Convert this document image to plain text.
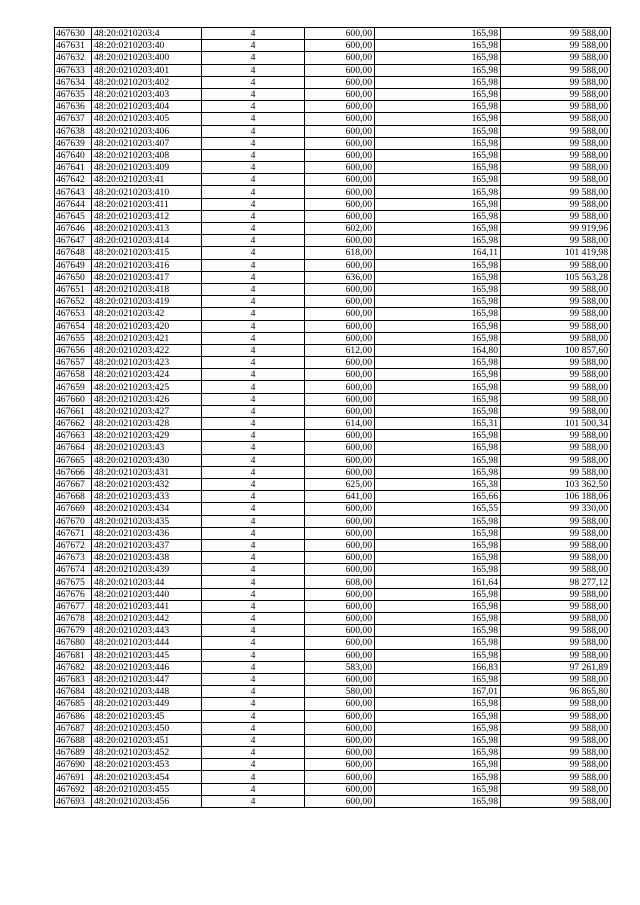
467630	48:20:0210203:4	4	600,00	165,98	99 588,00
467631	48:20:0210203:40	4	600,00	165,98	99 588,00
467632	48:20:0210203:400	4	600,00	165,98	99 588,00
467633	48:20:0210203:401	4	600,00	165,98	99 588,00
467634	48:20:0210203:402	4	600,00	165,98	99 588,00
467635	48:20:0210203:403	4	600,00	165,98	99 588,00
467636	48:20:0210203:404	4	600,00	165,98	99 588,00
467637	48:20:0210203:405	4	600,00	165,98	99 588,00
467638	48:20:0210203:406	4	600,00	165,98	99 588,00
467639	48:20:0210203:407	4	600,00	165,98	99 588,00
467640	48:20:0210203:408	4	600,00	165,98	99 588,00
467641	48:20:0210203:409	4	600,00	165,98	99 588,00
467642	48:20:0210203:41	4	600,00	165,98	99 588,00
467643	48:20:0210203:410	4	600,00	165,98	99 588,00
467644	48:20:0210203:411	4	600,00	165,98	99 588,00
467645	48:20:0210203:412	4	600,00	165,98	99 588,00
467646	48:20:0210203:413	4	602,00	165,98	99 919,96
467647	48:20:0210203:414	4	600,00	165,98	99 588,00
467648	48:20:0210203:415	4	618,00	164,11	101 419,98
467649	48:20:0210203:416	4	600,00	165,98	99 588,00
467650	48:20:0210203:417	4	636,00	165,98	105 563,28
467651	48:20:0210203:418	4	600,00	165,98	99 588,00
467652	48:20:0210203:419	4	600,00	165,98	99 588,00
467653	48:20:0210203:42	4	600,00	165,98	99 588,00
467654	48:20:0210203:420	4	600,00	165,98	99 588,00
467655	48:20:0210203:421	4	600,00	165,98	99 588,00
467656	48:20:0210203:422	4	612,00	164,80	100 857,60
467657	48:20:0210203:423	4	600,00	165,98	99 588,00
467658	48:20:0210203:424	4	600,00	165,98	99 588,00
467659	48:20:0210203:425	4	600,00	165,98	99 588,00
467660	48:20:0210203:426	4	600,00	165,98	99 588,00
467661	48:20:0210203:427	4	600,00	165,98	99 588,00
467662	48:20:0210203:428	4	614,00	165,31	101 500,34
467663	48:20:0210203:429	4	600,00	165,98	99 588,00
467664	48:20:0210203:43	4	600,00	165,98	99 588,00
467665	48:20:0210203:430	4	600,00	165,98	99 588,00
467666	48:20:0210203:431	4	600,00	165,98	99 588,00
467667	48:20:0210203:432	4	625,00	165,38	103 362,50
467668	48:20:0210203:433	4	641,00	165,66	106 188,06
467669	48:20:0210203:434	4	600,00	165,55	99 330,00
467670	48:20:0210203:435	4	600,00	165,98	99 588,00
467671	48:20:0210203:436	4	600,00	165,98	99 588,00
467672	48:20:0210203:437	4	600,00	165,98	99 588,00
467673	48:20:0210203:438	4	600,00	165,98	99 588,00
467674	48:20:0210203:439	4	600,00	165,98	99 588,00
467675	48:20:0210203:44	4	608,00	161,64	98 277,12
467676	48:20:0210203:440	4	600,00	165,98	99 588,00
467677	48:20:0210203:441	4	600,00	165,98	99 588,00
467678	48:20:0210203:442	4	600,00	165,98	99 588,00
467679	48:20:0210203:443	4	600,00	165,98	99 588,00
467680	48:20:0210203:444	4	600,00	165,98	99 588,00
467681	48:20:0210203:445	4	600,00	165,98	99 588,00
467682	48:20:0210203:446	4	583,00	166,83	97 261,89
467683	48:20:0210203:447	4	600,00	165,98	99 588,00
467684	48:20:0210203:448	4	580,00	167,01	96 865,80
467685	48:20:0210203:449	4	600,00	165,98	99 588,00
467686	48:20:0210203:45	4	600,00	165,98	99 588,00
467687	48:20:0210203:450	4	600,00	165,98	99 588,00
467688	48:20:0210203:451	4	600,00	165,98	99 588,00
467689	48:20:0210203:452	4	600,00	165,98	99 588,00
467690	48:20:0210203:453	4	600,00	165,98	99 588,00
467691	48:20:0210203:454	4	600,00	165,98	99 588,00
467692	48:20:0210203:455	4	600,00	165,98	99 588,00
467693	48:20:0210203:456	4	600,00	165,98	99 588,00
